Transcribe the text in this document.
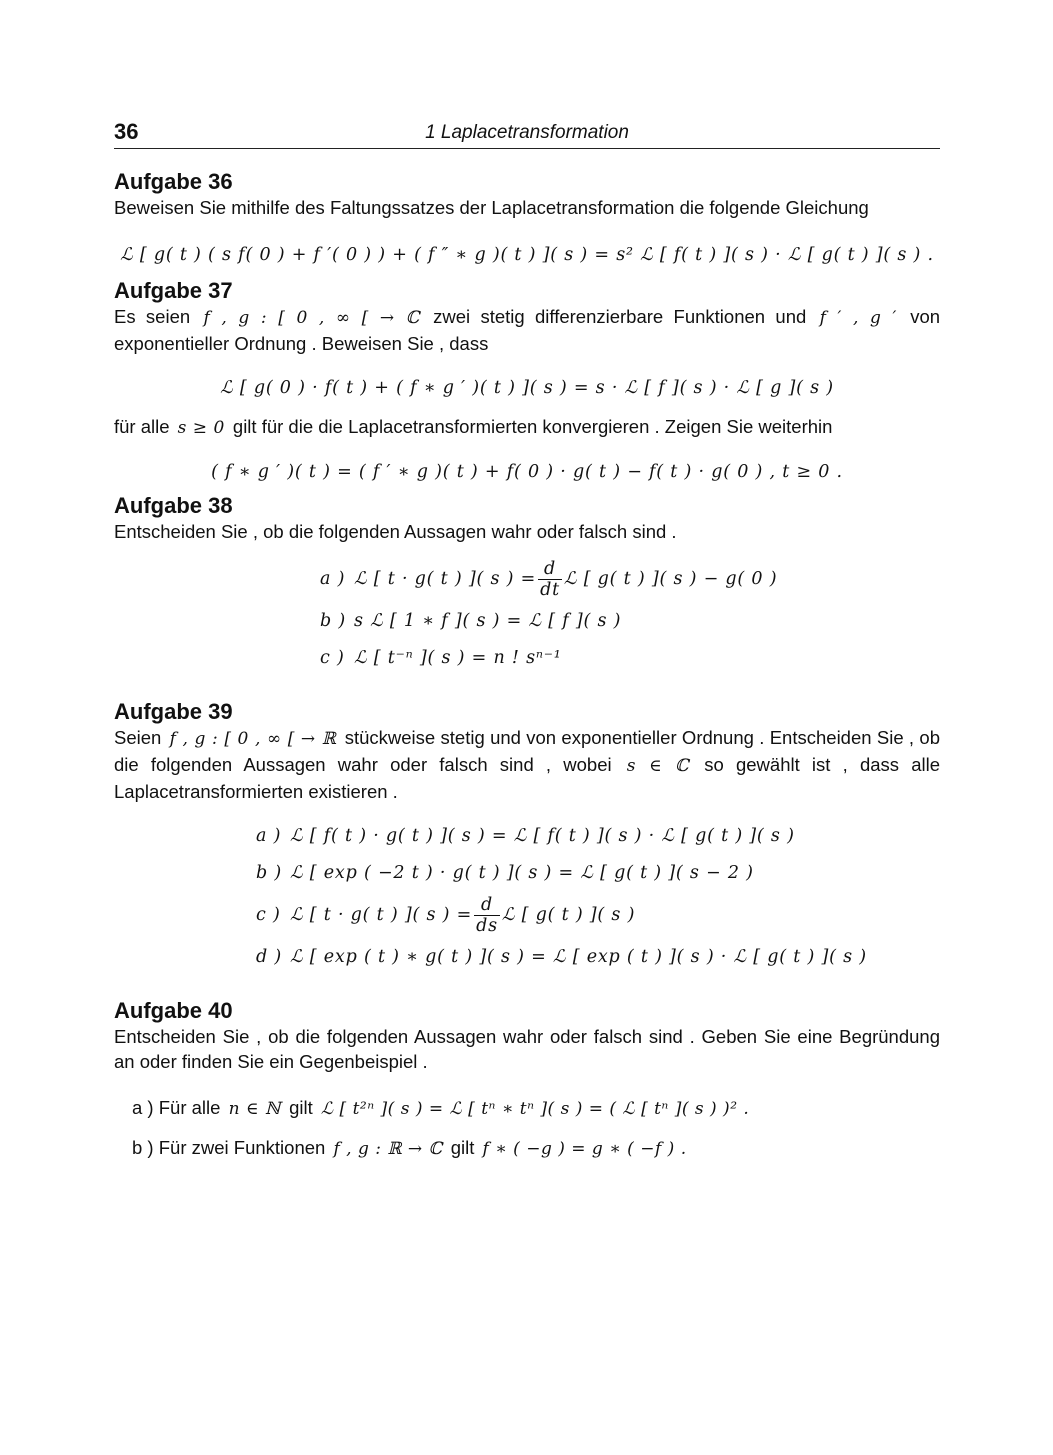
36	1 Laplacetransformation
Aufgabe 36

Beweisen Sie mithilfe des Faltungssatzes der Laplacetransformation die folgende Gleichung

ℒ [ g( t ) ( s f( 0 ) + f ′( 0 ) ) + ( f ″ ∗ g )( t ) ]( s ) = s² ℒ [ f( t ) ]( s ) · ℒ [ g( t ) ]( s ) .
Aufgabe 37

Es seien f , g : [ 0 , ∞ [ → ℂ zwei stetig differenzierbare Funktionen und f ′ , g ′ von exponentieller Ordnung . Beweisen Sie , dass

ℒ [ g( 0 ) · f( t ) + ( f ∗ g ′ )( t ) ]( s ) = s · ℒ [ f ]( s ) · ℒ [ g ]( s )

für alle s ≥ 0 gilt für die die Laplacetransformierten konvergieren . Zeigen Sie weiterhin

( f ∗ g ′ )( t ) = ( f ′ ∗ g )( t ) + f( 0 ) · g( t ) − f( t ) · g( 0 ) , t ≥ 0 .
Aufgabe 38

Entscheiden Sie , ob die folgenden Aussagen wahr oder falsch sind .

a ) ℒ [ t · g( t ) ]( s ) = $\frac{d}{dt}$ ℒ [ g( t ) ]( s ) − g( 0 )
b ) s ℒ [ 1 ∗ f ]( s ) = ℒ [ f ]( s )
c ) ℒ [ t⁻ⁿ ]( s ) = n ! sⁿ⁻¹
Aufgabe 39

Seien f , g : [ 0 , ∞ [ → ℝ stückweise stetig und von exponentieller Ordnung . Entscheiden Sie , ob die folgenden Aussagen wahr oder falsch sind , wobei s ∈ ℂ so gewählt ist , dass alle Laplacetransformierten existieren .

a ) ℒ [ f( t ) · g( t ) ]( s ) = ℒ [ f( t ) ]( s ) · ℒ [ g( t ) ]( s )
b ) ℒ [ exp ( −2 t ) · g( t ) ]( s ) = ℒ [ g( t ) ]( s − 2 )
c ) ℒ [ t · g( t ) ]( s ) = $\frac{d}{ds}$ ℒ [ g( t ) ]( s )
d ) ℒ [ exp ( t ) ∗ g( t ) ]( s ) = ℒ [ exp ( t ) ]( s ) · ℒ [ g( t ) ]( s )
Aufgabe 40

Entscheiden Sie , ob die folgenden Aussagen wahr oder falsch sind . Geben Sie eine Begründung an oder finden Sie ein Gegenbeispiel .

a ) Für alle n ∈ ℕ gilt ℒ [ t²ⁿ ]( s ) = ℒ [ tⁿ ∗ tⁿ ]( s ) = ( ℒ [ tⁿ ]( s ) )² .
b ) Für zwei Funktionen f , g : ℝ → ℂ gilt f ∗ ( −g ) = g ∗ ( −f ) .
